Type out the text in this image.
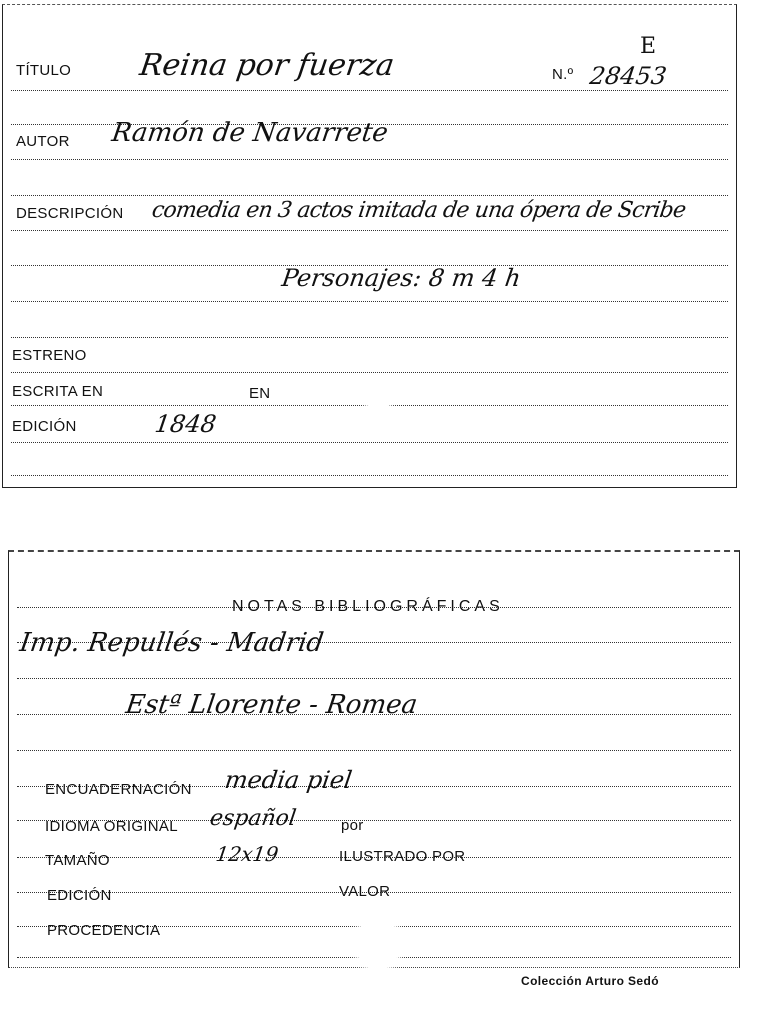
E
TÍTULO Reina por fuerza	N.º 28453
AUTOR Ramón de Navarrete
DESCRIPCIÓN comedia en 3 actos imitada de una ópera de Scribe
Personajes: 8 m 4 h
ESTRENO
ESCRITA EN	EN
EDICIÓN	1848
NOTAS BIBLIOGRÁFICAS
Imp. Repullés - Madrid
Estª Llorente - Romea
ENCUADERNACIÓN media piel
IDIOMA ORIGINAL español	por
TAMAÑO	12x19	ILUSTRADO POR
EDICIÓN	VALOR
PROCEDENCIA
Colección Arturo Sedó
